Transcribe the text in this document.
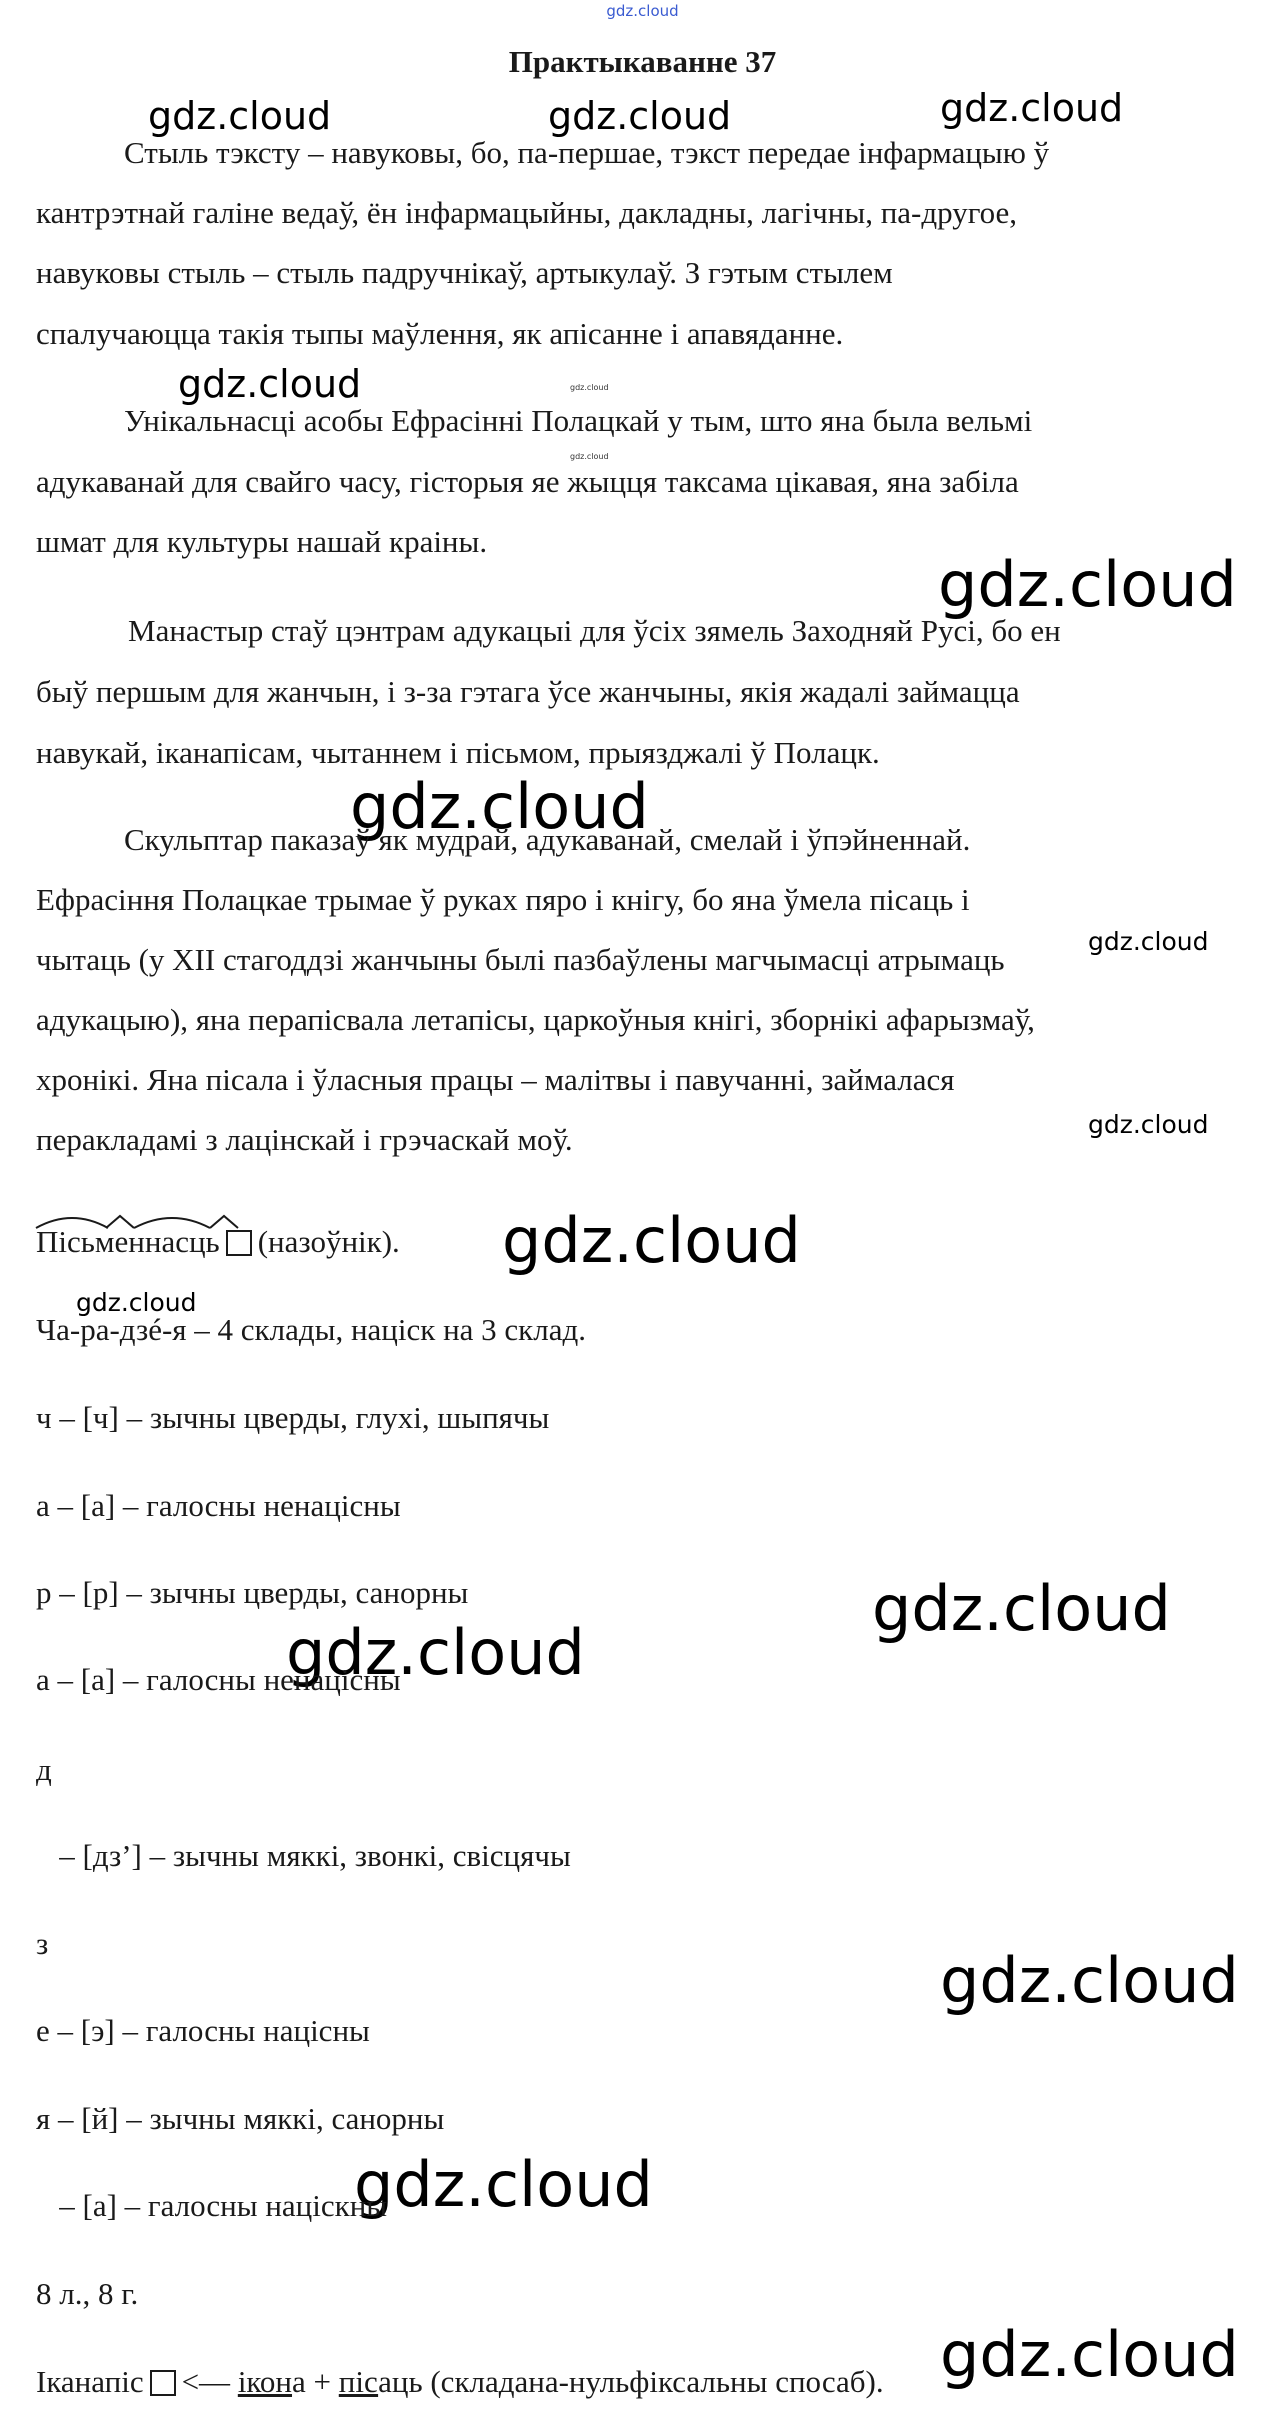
gdz.cloud
Практыкаванне 37
gdz.cloud	gdz.cloud	gdz.cloud
gdz.cloud	gdz.cloud
gdz.cloud
gdz.cloud
gdz.cloud
gdz.cloud
gdz.cloud
gdz.cloud
gdz.cloud
gdz.cloud
gdz.cloud
gdz.cloud
gdz.cloud
gdz.cloud
Стыль тэксту – навуковы, бо, па-першае, тэкст передае інфармацыю ў
кантрэтнай галіне ведаў, ён інфармацыйны, дакладны, лагічны, па-другое,
навуковы стыль – стыль падручнікаў, артыкулаў. З гэтым стылем
спалучаюцца такія тыпы маўлення, як апісанне і апавяданне.
Унікальнасці асобы Ефрасінні Полацкай у тым, што яна была вельмі
адукаванай для свайго часу, гісторыя яе жыцця таксама цікавая, яна забіла
шмат для культуры нашай краіны.
Манастыр стаў цэнтрам адукацыі для ўсіх зямель Заходняй Русі, бо ен
быў першым для жанчын, і з-за гэтага ўсе жанчыны, якія жадалі займацца
навукай, іканапісам, чытаннем і пісьмом, прыязджалі ў Полацк.
Скульптар паказаў як мудрай, адукаванай, смелай і ўпэйненнай.
Ефрасіння Полацкае трымае ў руках пяро і кнігу, бо яна ўмела пісаць і
чытаць (у XII стагоддзі жанчыны былі пазбаўлены магчымасці атрымаць
адукацыю), яна перапісвала летапісы, царкоўныя кнігі, зборнікі афарызмаў,
хронікі. Яна пісала і ўласныя працы – малітвы і павучанні, займалася
перакладамі з лацінскай і грэчаскай моў.
Пісьменнасць (назоўнік).
Ча-ра-дзé-я – 4 склады, націск на 3 склад.
ч – [ч] – зычны цверды, глухі, шыпячы
а – [а] – галосны ненацісны
р – [р] – зычны цверды, санорны
а – [а] – галосны ненацісны
д
– [дз’] – зычны мяккі, звонкі, свісцячы
з
е – [э] – галосны націсны
я – [й] – зычны мяккі, санорны
– [а] – галосны націскны
8 л., 8 г.
Іканапіс <— ікона + пісаць (складана-нульфіксальны спосаб).
